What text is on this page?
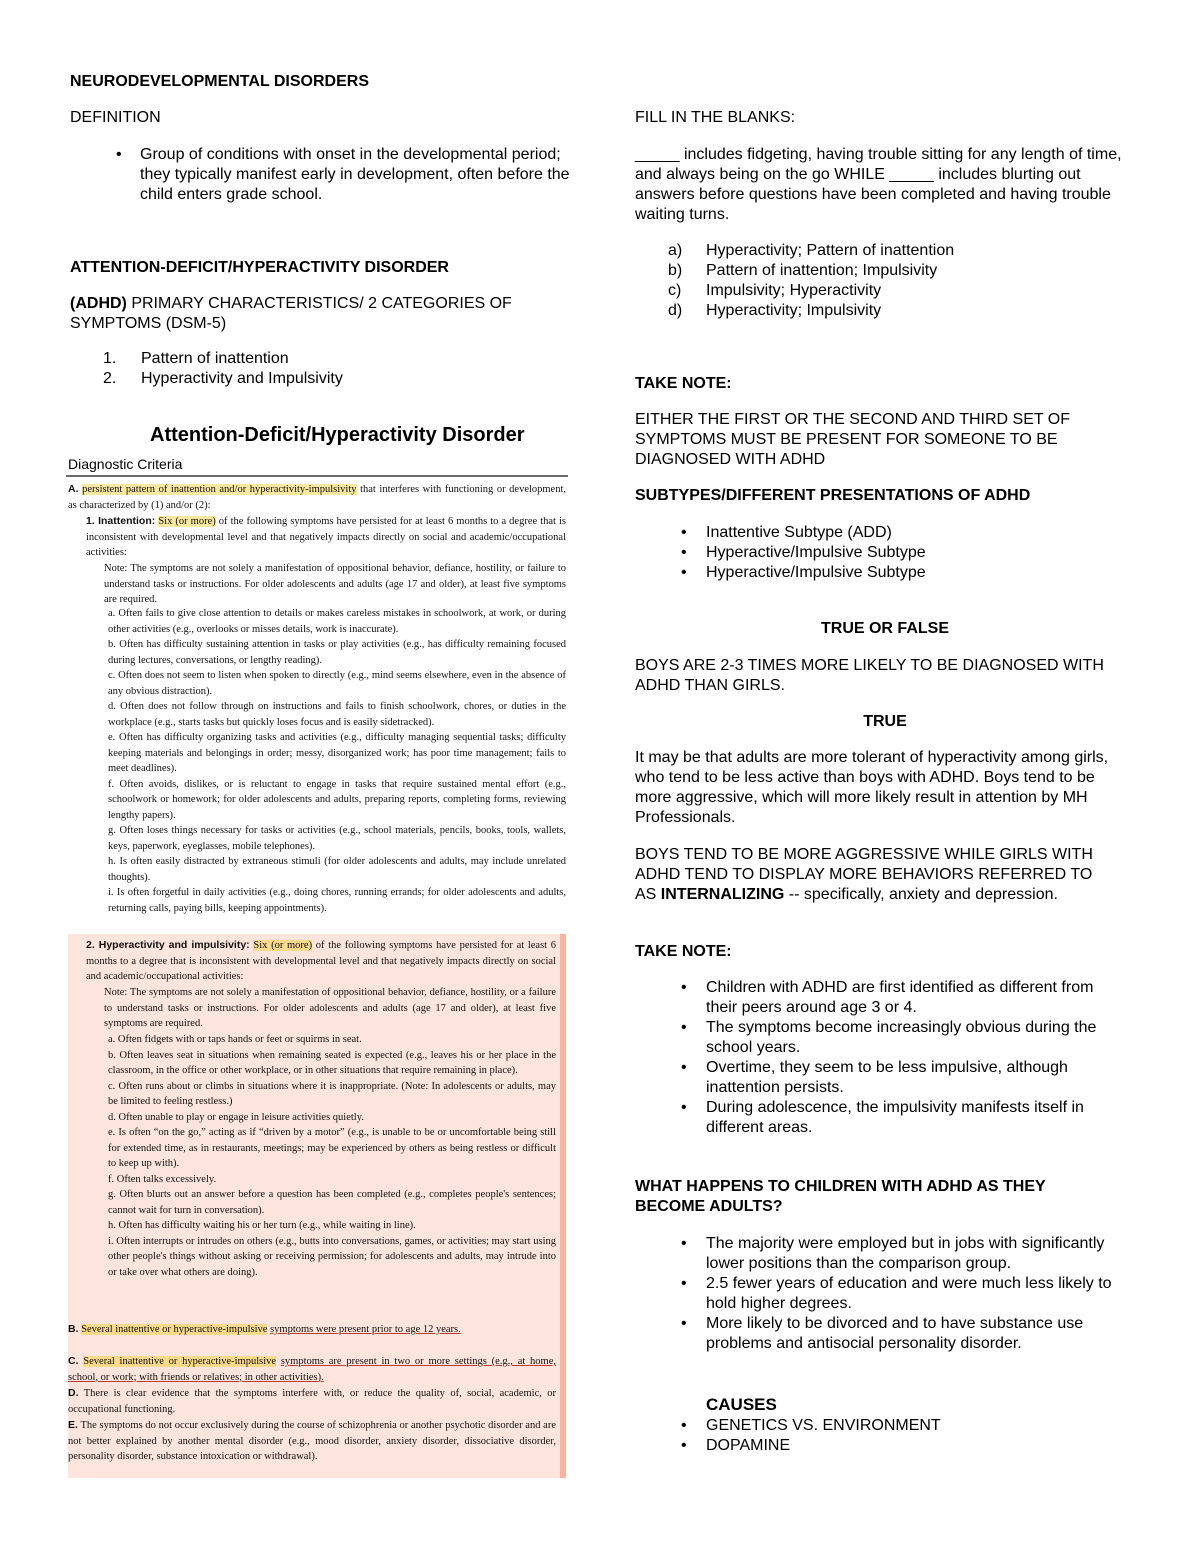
NEURODEVELOPMENTAL DISORDERS
DEFINITION
• Group of conditions with onset in the developmental period; they typically manifest early in development, often before the child enters grade school.
ATTENTION-DEFICIT/HYPERACTIVITY DISORDER
(ADHD) PRIMARY CHARACTERISTICS/ 2 CATEGORIES OF SYMPTOMS (DSM-5)
1.	Pattern of inattention
2.	Hyperactivity and Impulsivity
Attention-Deficit/Hyperactivity Disorder
Diagnostic Criteria
A. persistent pattern of inattention and/or hyperactivity-impulsivity that interferes with functioning or development, as characterized by (1) and/or (2):
1. Inattention: Six (or more) of the following symptoms have persisted for at least 6 months to a degree that is inconsistent with developmental level and that negatively impacts directly on social and academic/occupational activities:
Note: The symptoms are not solely a manifestation of oppositional behavior, defiance, hostility, or failure to understand tasks or instructions. For older adolescents and adults (age 17 and older), at least five symptoms are required.
a. Often fails to give close attention to details or makes careless mistakes in schoolwork, at work, or during other activities (e.g., overlooks or misses details, work is inaccurate).
b. Often has difficulty sustaining attention in tasks or play activities (e.g., has difficulty remaining focused during lectures, conversations, or lengthy reading).
c. Often does not seem to listen when spoken to directly (e.g., mind seems elsewhere, even in the absence of any obvious distraction).
d. Often does not follow through on instructions and fails to finish schoolwork, chores, or duties in the workplace (e.g., starts tasks but quickly loses focus and is easily sidetracked).
e. Often has difficulty organizing tasks and activities (e.g., difficulty managing sequential tasks; difficulty keeping materials and belongings in order; messy, disorganized work; has poor time management; fails to meet deadlines).
f. Often avoids, dislikes, or is reluctant to engage in tasks that require sustained mental effort (e.g., schoolwork or homework; for older adolescents and adults, preparing reports, completing forms, reviewing lengthy papers).
g. Often loses things necessary for tasks or activities (e.g., school materials, pencils, books, tools, wallets, keys, paperwork, eyeglasses, mobile telephones).
h. Is often easily distracted by extraneous stimuli (for older adolescents and adults, may include unrelated thoughts).
i. Is often forgetful in daily activities (e.g., doing chores, running errands; for older adolescents and adults, returning calls, paying bills, keeping appointments).
2. Hyperactivity and impulsivity: Six (or more) of the following symptoms have persisted for at least 6 months to a degree that is inconsistent with developmental level and that negatively impacts directly on social and academic/occupational activities:
Note: The symptoms are not solely a manifestation of oppositional behavior, defiance, hostility, or a failure to understand tasks or instructions. For older adolescents and adults (age 17 and older), at least five symptoms are required.
a. Often fidgets with or taps hands or feet or squirms in seat.
b. Often leaves seat in situations when remaining seated is expected (e.g., leaves his or her place in the classroom, in the office or other workplace, or in other situations that require remaining in place).
c. Often runs about or climbs in situations where it is inappropriate. (Note: In adolescents or adults, may be limited to feeling restless.)
d. Often unable to play or engage in leisure activities quietly.
e. Is often “on the go,” acting as if “driven by a motor” (e.g., is unable to be or uncomfortable being still for extended time, as in restaurants, meetings; may be experienced by others as being restless or difficult to keep up with).
f. Often talks excessively.
g. Often blurts out an answer before a question has been completed (e.g., completes people's sentences; cannot wait for turn in conversation).
h. Often has difficulty waiting his or her turn (e.g., while waiting in line).
i. Often interrupts or intrudes on others (e.g., butts into conversations, games, or activities; may start using other people's things without asking or receiving permission; for adolescents and adults, may intrude into or take over what others are doing).
B. Several inattentive or hyperactive-impulsive symptoms were present prior to age 12 years.
C. Several inattentive or hyperactive-impulsive symptoms are present in two or more settings (e.g., at home, school, or work; with friends or relatives; in other activities).
D. There is clear evidence that the symptoms interfere with, or reduce the quality of, social, academic, or occupational functioning.
E. The symptoms do not occur exclusively during the course of schizophrenia or another psychotic disorder and are not better explained by another mental disorder (e.g., mood disorder, anxiety disorder, dissociative disorder, personality disorder, substance intoxication or withdrawal).
FILL IN THE BLANKS:
_____ includes fidgeting, having trouble sitting for any length of time, and always being on the go WHILE _____ includes blurting out answers before questions have been completed and having trouble waiting turns.
a)	Hyperactivity; Pattern of inattention
b)	Pattern of inattention; Impulsivity
c)	Impulsivity; Hyperactivity
d)	Hyperactivity; Impulsivity
TAKE NOTE:
EITHER THE FIRST OR THE SECOND AND THIRD SET OF SYMPTOMS MUST BE PRESENT FOR SOMEONE TO BE DIAGNOSED WITH ADHD
SUBTYPES/DIFFERENT PRESENTATIONS OF ADHD
• Inattentive Subtype (ADD)
• Hyperactive/Impulsive Subtype
• Hyperactive/Impulsive Subtype
TRUE OR FALSE
BOYS ARE 2-3 TIMES MORE LIKELY TO BE DIAGNOSED WITH ADHD THAN GIRLS.
TRUE
It may be that adults are more tolerant of hyperactivity among girls, who tend to be less active than boys with ADHD. Boys tend to be more aggressive, which will more likely result in attention by MH Professionals.
BOYS TEND TO BE MORE AGGRESSIVE WHILE GIRLS WITH ADHD TEND TO DISPLAY MORE BEHAVIORS REFERRED TO AS INTERNALIZING -- specifically, anxiety and depression.
TAKE NOTE:
• Children with ADHD are first identified as different from their peers around age 3 or 4.
• The symptoms become increasingly obvious during the school years.
• Overtime, they seem to be less impulsive, although inattention persists.
• During adolescence, the impulsivity manifests itself in different areas.
WHAT HAPPENS TO CHILDREN WITH ADHD AS THEY BECOME ADULTS?
• The majority were employed but in jobs with significantly lower positions than the comparison group.
• 2.5 fewer years of education and were much less likely to hold higher degrees.
• More likely to be divorced and to have substance use problems and antisocial personality disorder.
CAUSES
• GENETICS VS. ENVIRONMENT
• DOPAMINE
